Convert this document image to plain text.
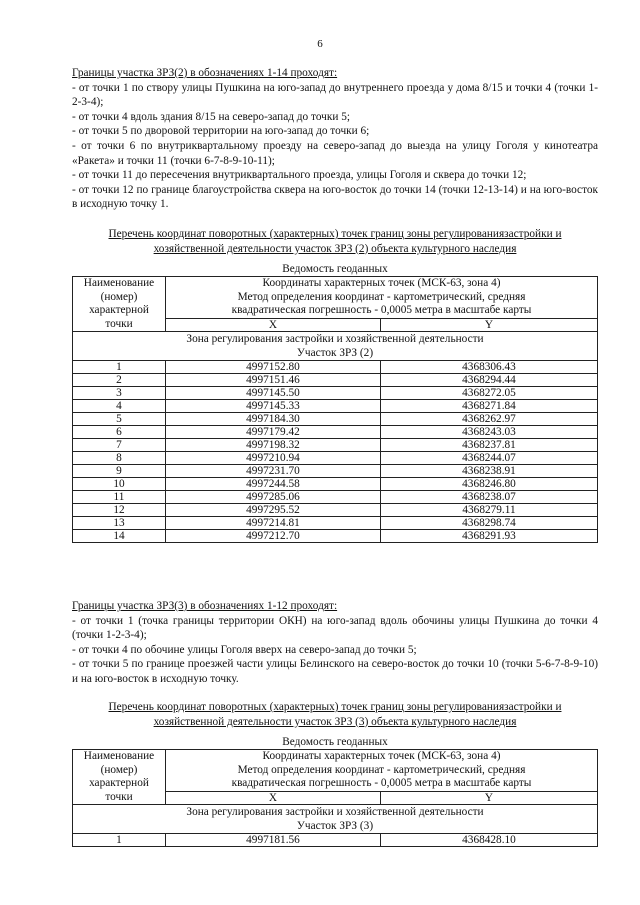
6
Границы участка ЗРЗ(2) в обозначениях 1-14 проходят:
- от точки 1 по створу улицы Пушкина на юго-запад до внутреннего проезда у дома 8/15 и точки 4 (точки 1-2-3-4);
- от точки 4 вдоль здания 8/15 на северо-запад до точки 5;
- от точки 5 по дворовой территории на юго-запад до точки 6;
- от точки 6 по внутриквартальному проезду на северо-запад до выезда на улицу Гоголя у кинотеатра «Ракета» и точки 11 (точки 6-7-8-9-10-11);
- от точки 11 до пересечения внутриквартального проезда, улицы Гоголя и сквера до точки 12;
- от точки 12 по границе благоустройства сквера на юго-восток до точки 14 (точки 12-13-14) и на юго-восток в исходную точку 1.
Перечень координат поворотных (характерных) точек границ зоны регулированиязастройки и
хозяйственной деятельности участок ЗРЗ (2) объекта культурного наследия
Ведомость геоданных
Наименование
(номер)
характерной
точки	Координаты характерных точек (МСК-63, зона 4)
Метод определения координат - картометрический, средняя
квадратическая погрешность - 0,0005 метра в масштабе карты	

	X	Y

Зона регулирования застройки и хозяйственной деятельности
Участок ЗРЗ (2)		

1	4997152.80	4368306.43
2	4997151.46	4368294.44
3	4997145.50	4368272.05
4	4997145.33	4368271.84
5	4997184.30	4368262.97
6	4997179.42	4368243.03
7	4997198.32	4368237.81
8	4997210.94	4368244.07
9	4997231.70	4368238.91
10	4997244.58	4368246.80
11	4997285.06	4368238.07
12	4997295.52	4368279.11
13	4997214.81	4368298.74
14	4997212.70	4368291.93
Границы участка ЗРЗ(3) в обозначениях 1-12 проходят:
- от точки 1 (точка границы территории ОКН) на юго-запад вдоль обочины улицы Пушкина до точки 4 (точки 1-2-3-4);
- от точки 4 по обочине улицы Гоголя вверх на северо-запад до точки 5;
- от точки 5 по границе проезжей части улицы Белинского на северо-восток до точки 10 (точки 5-6-7-8-9-10) и на юго-восток в исходную точку.
Перечень координат поворотных (характерных) точек границ зоны регулированиязастройки и
хозяйственной деятельности участок ЗРЗ (3) объекта культурного наследия
Ведомость геоданных
Наименование
(номер)
характерной
точки	Координаты характерных точек (МСК-63, зона 4)
Метод определения координат - картометрический, средняя
квадратическая погрешность - 0,0005 метра в масштабе карты	

	X	Y

Зона регулирования застройки и хозяйственной деятельности
Участок ЗРЗ (3)		

1	4997181.56	4368428.10
